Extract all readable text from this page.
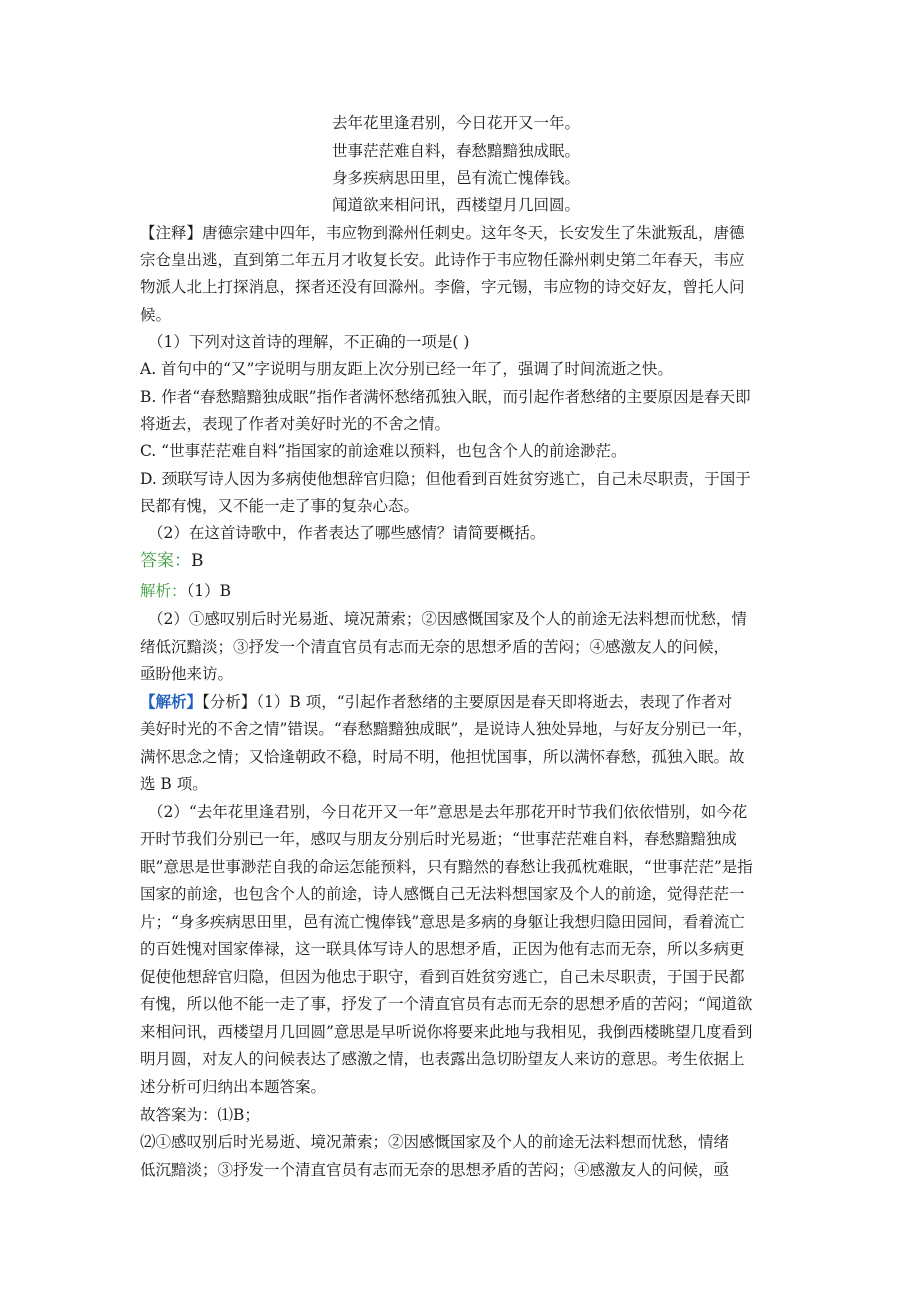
去年花里逢君别，今日花开又一年。
世事茫茫难自料，春愁黯黯独成眠。
身多疾病思田里，邑有流亡愧俸钱。
闻道欲来相问讯，西楼望月几回圆。
【注释】唐德宗建中四年，韦应物到滁州任刺史。这年冬天，长安发生了朱泚叛乱，唐德
宗仓皇出逃，直到第二年五月才收复长安。此诗作于韦应物任滁州刺史第二年春天，韦应
物派人北上打探消息，探者还没有回滁州。李儋，字元锡，韦应物的诗交好友，曾托人问
候。
（1）下列对这首诗的理解，不正确的一项是( )
A. 首句中的“又”字说明与朋友距上次分别已经一年了，强调了时间流逝之快。
B. 作者“春愁黯黯独成眠”指作者满怀愁绪孤独入眠，而引起作者愁绪的主要原因是春天即
将逝去，表现了作者对美好时光的不舍之情。
C. “世事茫茫难自料”指国家的前途难以预料，也包含个人的前途渺茫。
D. 颈联写诗人因为多病使他想辞官归隐；但他看到百姓贫穷逃亡，自己未尽职责，于国于
民都有愧，又不能一走了事的复杂心态。
（2）在这首诗歌中，作者表达了哪些感情？请简要概括。
答案：B
解析：（1）B
（2）①感叹别后时光易逝、境况萧索；②因感慨国家及个人的前途无法料想而忧愁，情
绪低沉黯淡；③抒发一个清直官员有志而无奈的思想矛盾的苦闷；④感激友人的问候，
亟盼他来访。
【解析】【分析】（1）B 项，“引起作者愁绪的主要原因是春天即将逝去，表现了作者对
美好时光的不舍之情”错误。“春愁黯黯独成眠”，是说诗人独处异地，与好友分别已一年，
满怀思念之情；又恰逢朝政不稳，时局不明，他担忧国事，所以满怀春愁，孤独入眠。故
选 B 项。
（2）“去年花里逢君别，今日花开又一年”意思是去年那花开时节我们依依惜别，如今花
开时节我们分别已一年，感叹与朋友分别后时光易逝；“世事茫茫难自料，春愁黯黯独成
眠”意思是世事渺茫自我的命运怎能预料，只有黯然的春愁让我孤枕难眠，“世事茫茫”是指
国家的前途，也包含个人的前途，诗人感慨自己无法料想国家及个人的前途，觉得茫茫一
片；“身多疾病思田里，邑有流亡愧俸钱”意思是多病的身躯让我想归隐田园间，看着流亡
的百姓愧对国家俸禄，这一联具体写诗人的思想矛盾，正因为他有志而无奈，所以多病更
促使他想辞官归隐，但因为他忠于职守，看到百姓贫穷逃亡，自己未尽职责，于国于民都
有愧，所以他不能一走了事，抒发了一个清直官员有志而无奈的思想矛盾的苦闷；“闻道欲
来相问讯，西楼望月几回圆”意思是早听说你将要来此地与我相见，我倒西楼眺望几度看到
明月圆，对友人的问候表达了感激之情，也表露出急切盼望友人来访的意思。考生依据上
述分析可归纳出本题答案。
故答案为：⑴B；
⑵①感叹别后时光易逝、境况萧索；②因感慨国家及个人的前途无法料想而忧愁，情绪
低沉黯淡；③抒发一个清直官员有志而无奈的思想矛盾的苦闷；④感激友人的问候，亟
